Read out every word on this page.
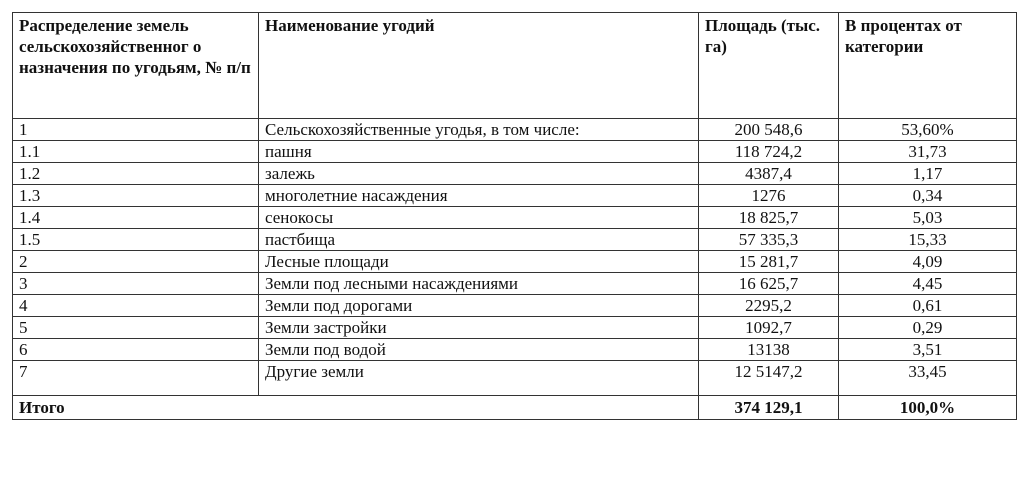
Распределение земель сельскохозяйственног о назначения по угодьям, № п/п	Наименование угодий	Площадь (тыс. га)	В процентах от категории
1	Сельскохозяйственные угодья, в том числе:	200 548,6	53,60%
1.1	пашня	118 724,2	31,73
1.2	залежь	4387,4	1,17
1.3	многолетние насаждения	1276	0,34
1.4	сенокосы	18 825,7	5,03
1.5	пастбища	57 335,3	15,33
2	Лесные площади	15 281,7	4,09
3	Земли под лесными насаждениями	16 625,7	4,45
4	Земли под дорогами	2295,2	0,61
5	Земли застройки	1092,7	0,29
6	Земли под водой	13138	3,51
7	Другие земли	12 5147,2	33,45
Итого		374 129,1	100,0%
